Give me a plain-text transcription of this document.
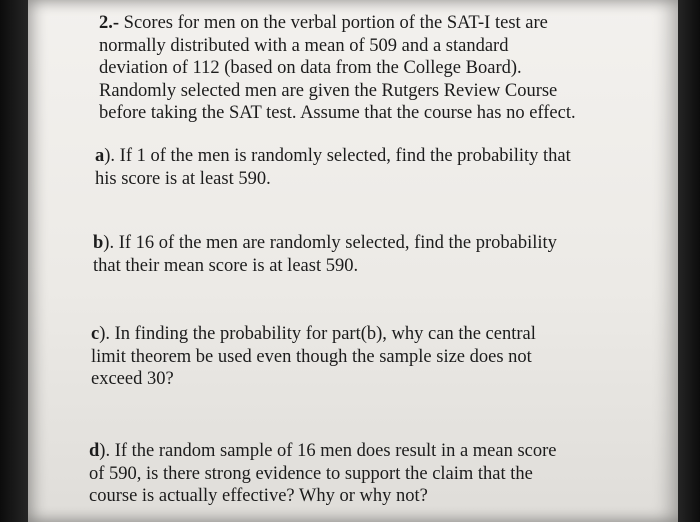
2.- Scores for men on the verbal portion of the SAT-I test are
normally distributed with a mean of 509 and a standard
deviation of 112 (based on data from the College Board).
Randomly selected men are given the Rutgers Review Course
before taking the SAT test. Assume that the course has no effect.

a). If 1 of the men is randomly selected, find the probability that
his score is at least 590.

b). If 16 of the men are randomly selected, find the probability
that their mean score is at least 590.

c). In finding the probability for part(b), why can the central
limit theorem be used even though the sample size does not
exceed 30?

d). If the random sample of 16 men does result in a mean score
of 590, is there strong evidence to support the claim that the
course is actually effective? Why or why not?
